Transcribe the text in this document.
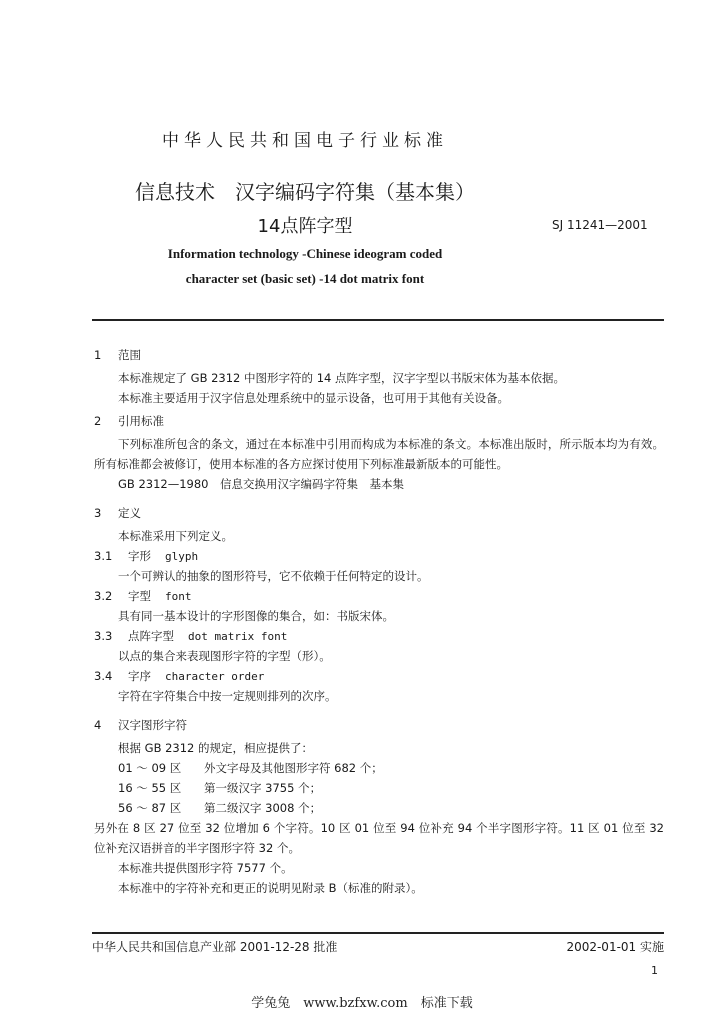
中华人民共和国电子行业标准
信息技术　汉字编码字符集（基本集）
14点阵字型	SJ 11241—2001
Information technology -Chinese ideogram coded
character set (basic set) -14 dot matrix font
1	范围
本标准规定了 GB 2312 中图形字符的 14 点阵字型，汉字字型以书版宋体为基本依据。
本标准主要适用于汉字信息处理系统中的显示设备，也可用于其他有关设备。
2	引用标准
下列标准所包含的条文，通过在本标准中引用而构成为本标准的条文。本标准出版时，所示版本均为有效。所有标准都会被修订，使用本标准的各方应探讨使用下列标准最新版本的可能性。
GB 2312—1980　信息交换用汉字编码字符集　基本集
3	定义
本标准采用下列定义。
3.1	字形 glyph
一个可辨认的抽象的图形符号，它不依赖于任何特定的设计。
3.2	字型 font
具有同一基本设计的字形图像的集合，如：书版宋体。
3.3	点阵字型 dot matrix font
以点的集合来表现图形字符的字型（形）。
3.4	字序 character order
字符在字符集合中按一定规则排列的次序。
4	汉字图形字符
根据 GB 2312 的规定，相应提供了：
01 ～ 09 区	外文字母及其他图形字符 682 个；
16 ～ 55 区	第一级汉字 3755 个；
56 ～ 87 区	第二级汉字 3008 个；
另外在 8 区 27 位至 32 位增加 6 个字符。10 区 01 位至 94 位补充 94 个半字图形字符。11 区 01 位至 32 位补充汉语拼音的半字图形字符 32 个。
本标准共提供图形字符 7577 个。
本标准中的字符补充和更正的说明见附录 B（标准的附录）。
中华人民共和国信息产业部 2001-12-28 批准	2002-01-01 实施
1
学兔兔　www.bzfxw.com　标准下载
